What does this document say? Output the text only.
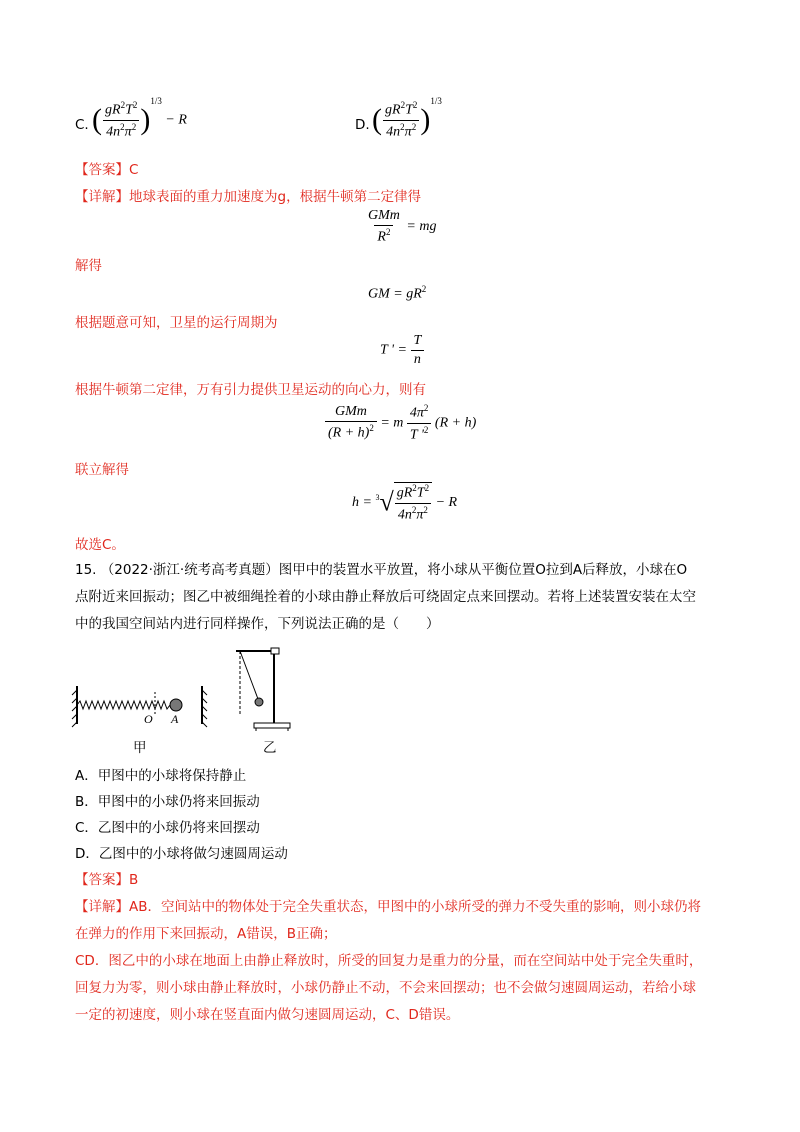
C. ( $\frac{gR^2T^2}{4n^2\pi^2} )^{1/3} - R$	D. ( $\frac{gR^2T^2}{4n^2\pi^2} )^{1/3}$
【答案】C
【详解】地球表面的重力加速度为g，根据牛顿第二定律得
$\frac{\text{GMm}}{R^2}$ = mg
解得
GM = $gR^2$
根据题意可知，卫星的运行周期为
T ' = $\frac{T}{n}$
根据牛顿第二定律，万有引力提供卫星运动的向心力，则有
$\frac{\text{GMm}}{(R + h)^2} = m \frac{4\pi^2}{T '^2} (R + h)$
联立解得
$h = ^3√ \frac{gR^2T^2}{4n^2\pi^2} - R$
故选C。
15. （2022·浙江·统考高考真题）图甲中的装置水平放置，将小球从平衡位置O拉到A后释放，小球在O
点附近来回振动；图乙中被细绳拴着的小球由静止释放后可绕固定点来回摆动。若将上述装置安装在太空
中的我国空间站内进行同样操作，下列说法正确的是（　　）
O A
甲	乙
A．甲图中的小球将保持静止
B．甲图中的小球仍将来回振动
C．乙图中的小球仍将来回摆动
D．乙图中的小球将做匀速圆周运动
【答案】B
【详解】AB．空间站中的物体处于完全失重状态，甲图中的小球所受的弹力不受失重的影响，则小球仍将
在弹力的作用下来回振动，A错误，B正确；
CD．图乙中的小球在地面上由静止释放时，所受的回复力是重力的分量，而在空间站中处于完全失重时，
回复力为零，则小球由静止释放时，小球仍静止不动，不会来回摆动；也不会做匀速圆周运动，若给小球
一定的初速度，则小球在竖直面内做匀速圆周运动，C、D错误。
